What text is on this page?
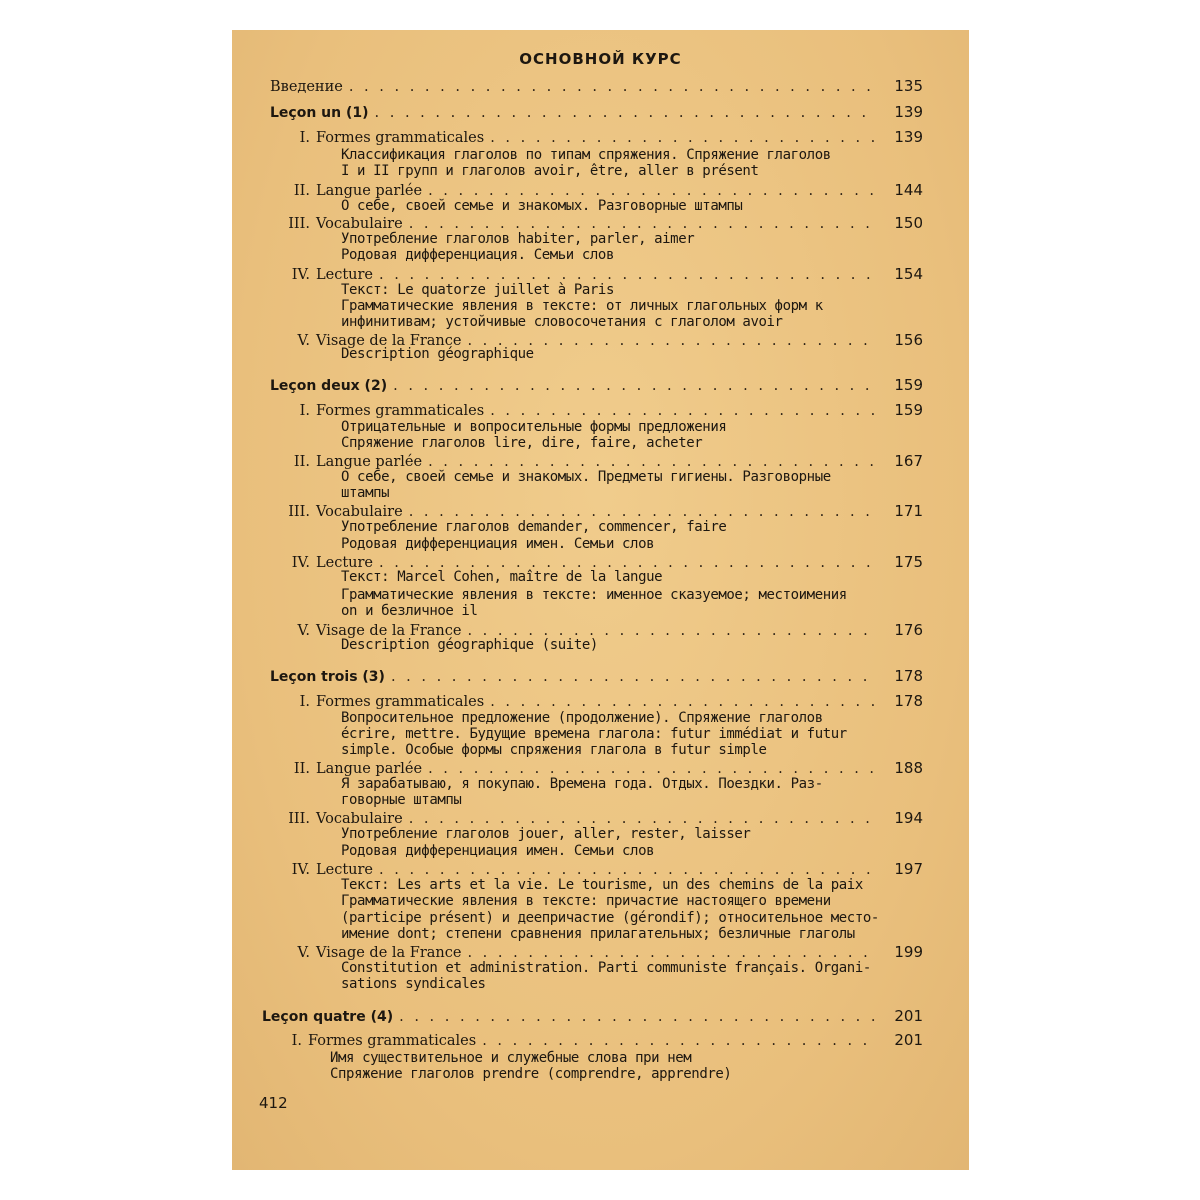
ОСНОВНОЙ КУРС
Введение . . .	135
Leçon un (1) . . .	139
I. Formes grammaticales . . .	139
Классификация глаголов по типам спряжения. Спряжение глаголов
I и II групп и глаголов avoir, être, aller в présent
II. Langue parlée . . .	144
О себе, своей семье и знакомых. Разговорные штампы
III. Vocabulaire . . .	150
Употребление глаголов habiter, parler, aimer
Родовая дифференциация. Семьи слов
IV. Lecture . . .	154
Текст: Le quatorze juillet à Paris
Грамматические явления в тексте: от личных глагольных форм к
инфинитивам; устойчивые словосочетания с глаголом avoir
V. Visage de la France . . .	156
Description géographique
Leçon deux (2) . . .	159
I. Formes grammaticales . . .	159
Отрицательные и вопросительные формы предложения
Спряжение глаголов lire, dire, faire, acheter
II. Langue parlée . . .	167
О себе, своей семье и знакомых. Предметы гигиены. Разговорные
штампы
III. Vocabulaire . . .	171
Употребление глаголов demander, commencer, faire
Родовая дифференциация имен. Семьи слов
IV. Lecture . . .	175
Текст: Marcel Cohen, maître de la langue
Грамматические явления в тексте: именное сказуемое; местоимения
on и безличное il
V. Visage de la France . . .	176
Description géographique (suite)
Leçon trois (3) . . .	178
I. Formes grammaticales . . .	178
Вопросительное предложение (продолжение). Спряжение глаголов
écrire, mettre. Будущие времена глагола: futur immédiat и futur
simple. Особые формы спряжения глагола в futur simple
II. Langue parlée . . .	188
Я зарабатываю, я покупаю. Времена года. Отдых. Поездки. Раз-
говорные штампы
III. Vocabulaire . . .	194
Употребление глаголов jouer, aller, rester, laisser
Родовая дифференциация имен. Семьи слов
IV. Lecture . . .	197
Текст: Les arts et la vie. Le tourisme, un des chemins de la paix
Грамматические явления в тексте: причастие настоящего времени
(participe présent) и деепричастие (gérondif); относительное место-
имение dont; степени сравнения прилагательных; безличные глаголы
V. Visage de la France . . .	199
Constitution et administration. Parti communiste français. Organi-
sations syndicales
Leçon quatre (4) . . .	201
I. Formes grammaticales . . .	201
Имя существительное и служебные слова при нем
Спряжение глаголов prendre (comprendre, apprendre)
412
